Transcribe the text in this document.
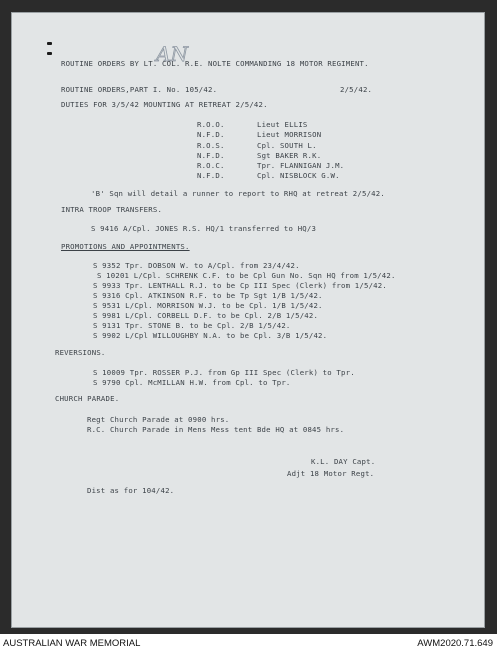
AN
ROUTINE ORDERS BY LT. COL. R.E. NOLTE COMMANDING 18 MOTOR REGIMENT.
ROUTINE ORDERS,PART I. No. 105/42.	2/5/42.
DUTIES FOR 3/5/42 MOUNTING AT RETREAT 2/5/42.
R.O.O.	Lieut ELLIS
N.F.D.	Lieut MORRISON
R.O.S.	Cpl. SOUTH L.
N.F.D.	Sgt BAKER R.K.
R.O.C.	Tpr. FLANNIGAN J.M.
N.F.D.	Cpl. NISBLOCK G.W.
'B' Sqn will detail a runner to report to RHQ at retreat 2/5/42.
INTRA TROOP TRANSFERS.
S 9416 A/Cpl. JONES R.S. HQ/1 transferred to HQ/3
PROMOTIONS AND APPOINTMENTS.
S 9352 Tpr. DOBSON W. to A/Cpl. from 23/4/42.
S 10201 L/Cpl. SCHRENK C.F. to be Cpl Gun No. Sqn HQ from 1/5/42.
S 9933 Tpr. LENTHALL R.J. to be Cp III Spec (Clerk) from 1/5/42.
S 9316 Cpl. ATKINSON R.F. to be Tp Sgt 1/B 1/5/42.
S 9531 L/Cpl. MORRISON W.J. to be Cpl. 1/B 1/5/42.
S 9981 L/Cpl. CORBELL D.F. to be Cpl. 2/B 1/5/42.
S 9131 Tpr. STONE B. to be Cpl. 2/B 1/5/42.
S 9902 L/Cpl WILLOUGHBY N.A. to be Cpl. 3/B 1/5/42.
REVERSIONS.
S 10009 Tpr. ROSSER P.J. from Gp III Spec (Clerk) to Tpr.
S 9790 Cpl. McMILLAN H.W. from Cpl. to Tpr.
CHURCH PARADE.
Regt Church Parade at 0900 hrs.
R.C. Church Parade in Mens Mess tent Bde HQ at 0845 hrs.
K.L. DAY Capt.
Adjt 18 Motor Regt.
Dist as for 104/42.
AUSTRALIAN WAR MEMORIAL	AWM2020.71.649
